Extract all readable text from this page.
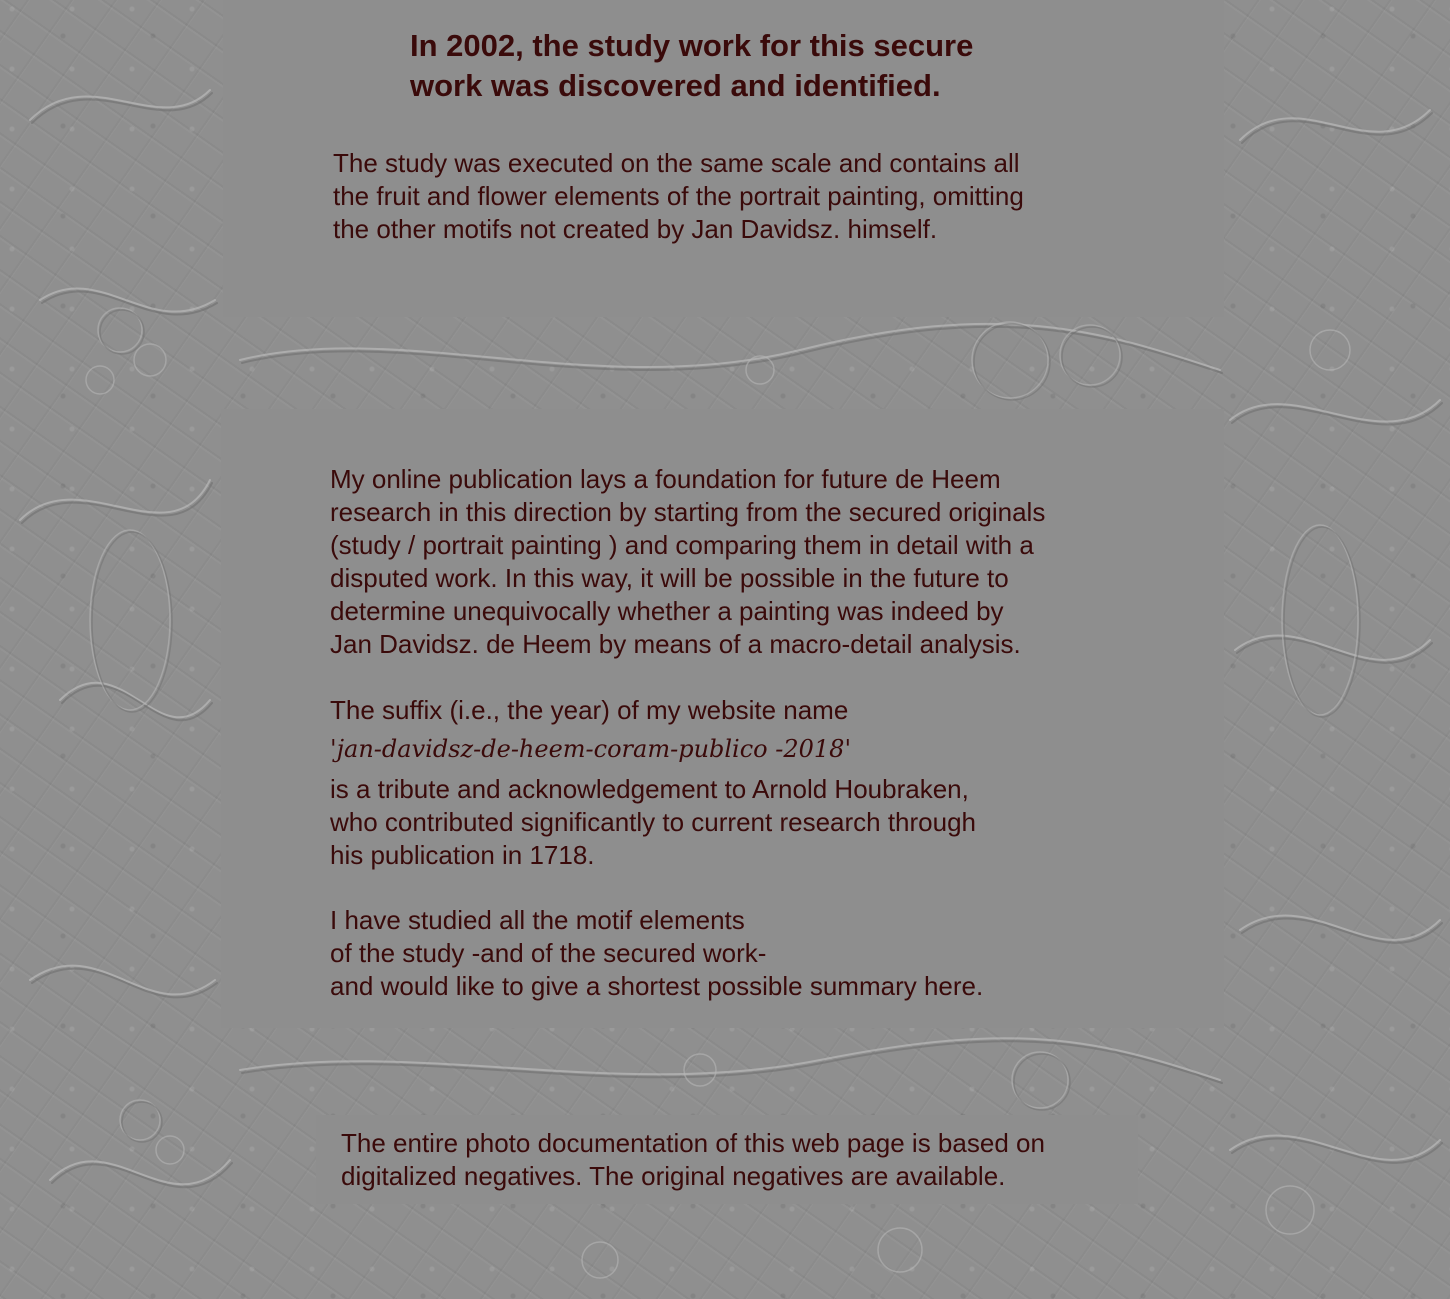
In 2002, the study work for this secure
work was discovered and identified.

The study was executed on the same scale and contains all
the fruit and flower elements of the portrait painting, omitting
the other motifs not created by Jan Davidsz. himself.

My online publication lays a foundation for future de Heem
research in this direction by starting from the secured originals
(study / portrait painting ) and comparing them in detail with a
disputed work. In this way, it will be possible in the future to
determine unequivocally whether a painting was indeed by
Jan Davidsz. de Heem by means of a macro-detail analysis.

The suffix (i.e., the year) of my website name

'jan-davidsz-de-heem-coram-publico -2018'

is a tribute and acknowledgement to Arnold Houbraken,
who contributed significantly to current research through
his publication in 1718.

I have studied all the motif elements
of the study -and of the secured work-
and would like to give a shortest possible summary here.

The entire photo documentation of this web page is based on
digitalized negatives. The original negatives are available.
